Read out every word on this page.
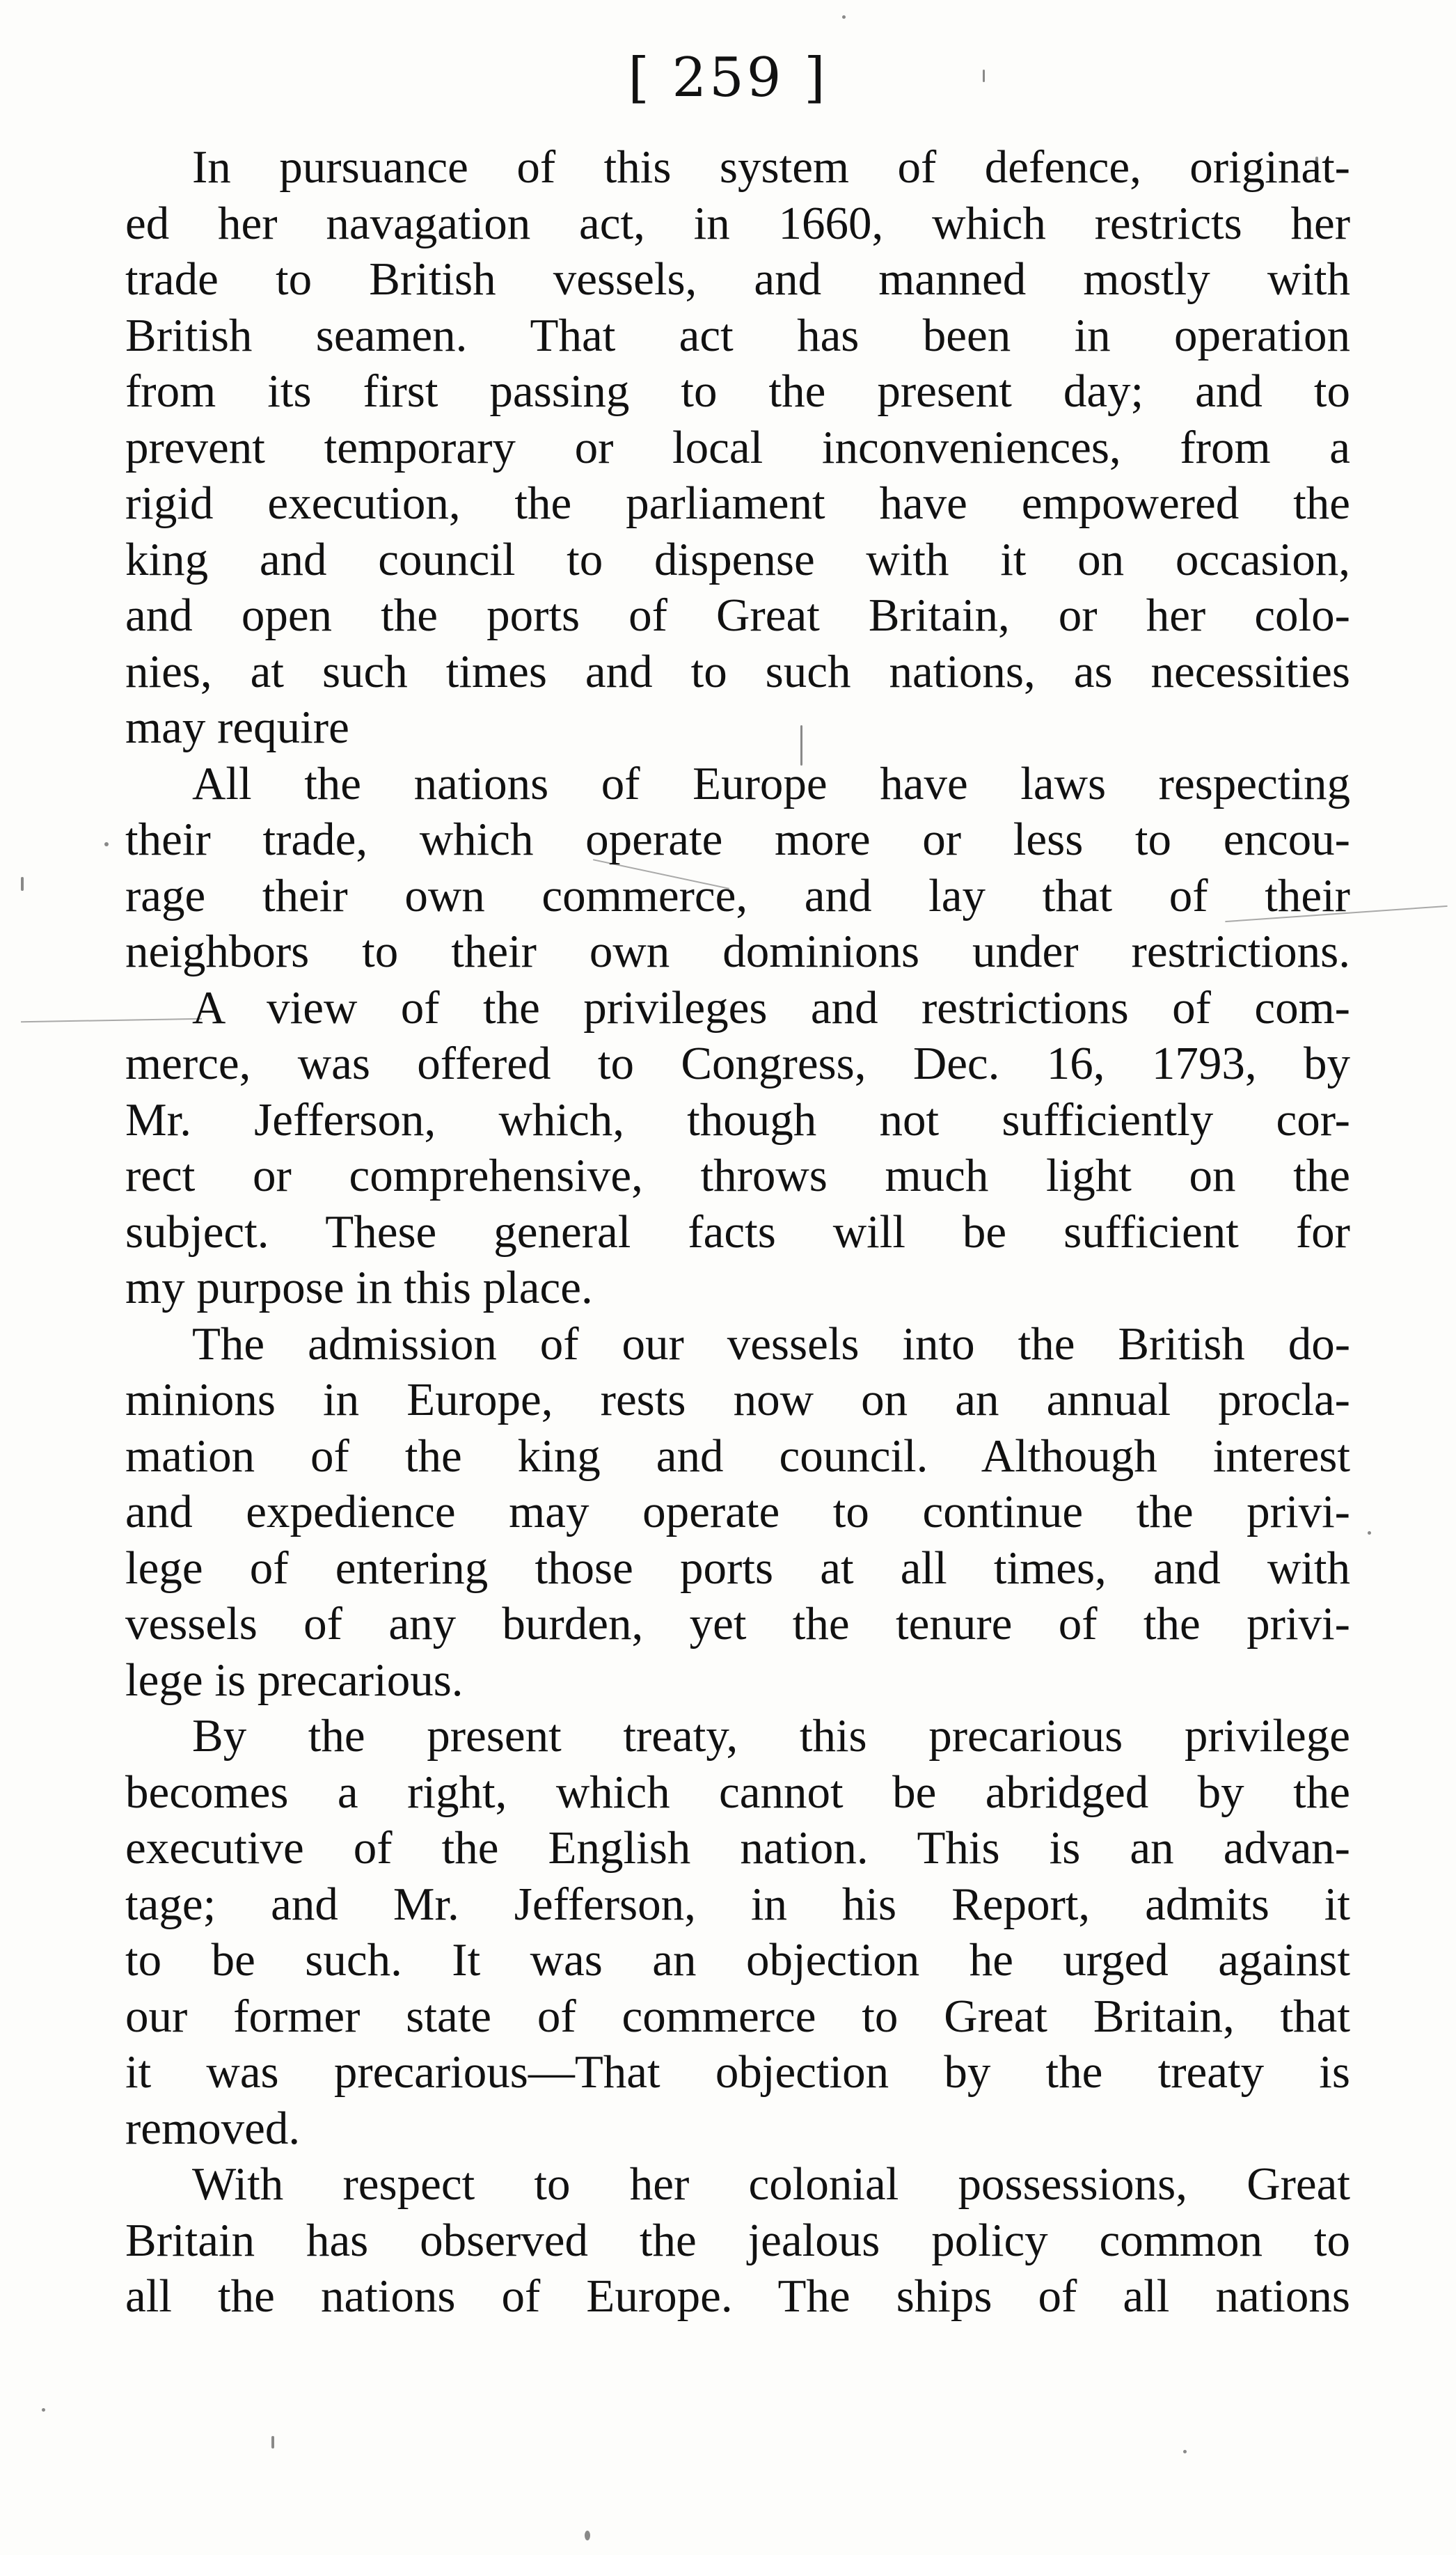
[ 259 ]

In pursuance of this system of defence, originat-
ed her navagation act, in 1660, which restricts her
trade to British vessels, and manned mostly with
British seamen. That act has been in operation
from its first passing to the present day; and to
prevent temporary or local inconveniences, from a
rigid execution, the parliament have empowered the
king and council to dispense with it on occasion,
and open the ports of Great Britain, or her colo-
nies, at such times and to such nations, as necessities
may require

All the nations of Europe have laws respecting
their trade, which operate more or less to encou-
rage their own commerce, and lay that of their
neighbors to their own dominions under restrictions.

A view of the privileges and restrictions of com-
merce, was offered to Congress, Dec. 16, 1793, by
Mr. Jefferson, which, though not sufficiently cor-
rect or comprehensive, throws much light on the
subject. These general facts will be sufficient for
my purpose in this place.

The admission of our vessels into the British do-
minions in Europe, rests now on an annual procla-
mation of the king and council. Although interest
and expedience may operate to continue the privi-
lege of entering those ports at all times, and with
vessels of any burden, yet the tenure of the privi-
lege is precarious.

By the present treaty, this precarious privilege
becomes a right, which cannot be abridged by the
executive of the English nation. This is an advan-
tage; and Mr. Jefferson, in his Report, admits it
to be such. It was an objection he urged against
our former state of commerce to Great Britain, that
it was precarious—That objection by the treaty is
removed.

With respect to her colonial possessions, Great
Britain has observed the jealous policy common to
all the nations of Europe. The ships of all nations
